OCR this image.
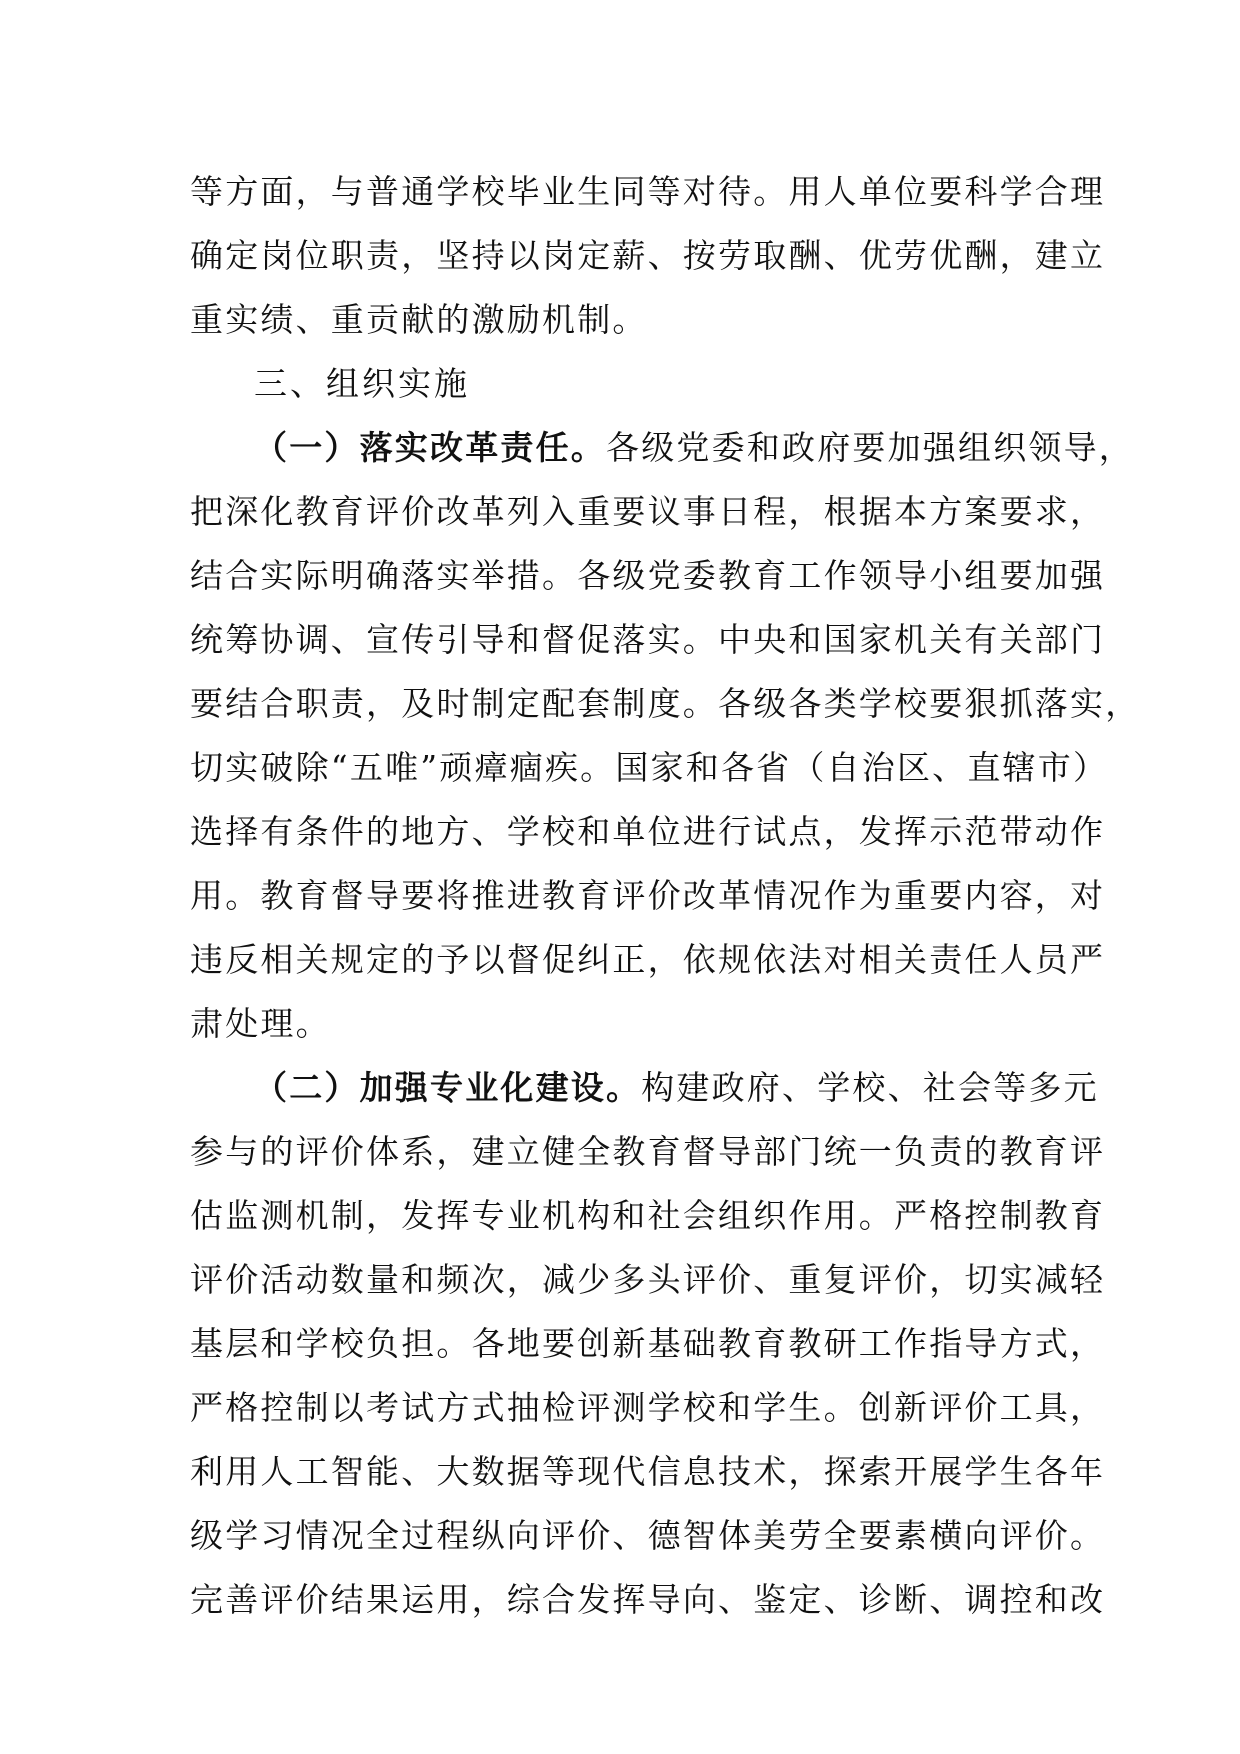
等方面，与普通学校毕业生同等对待。用人单位要科学合理
确定岗位职责，坚持以岗定薪、按劳取酬、优劳优酬，建立
重实绩、重贡献的激励机制。
三、组织实施
（一）落实改革责任。各级党委和政府要加强组织领导，
把深化教育评价改革列入重要议事日程，根据本方案要求，
结合实际明确落实举措。各级党委教育工作领导小组要加强
统筹协调、宣传引导和督促落实。中央和国家机关有关部门
要结合职责，及时制定配套制度。各级各类学校要狠抓落实，
切实破除“五唯”顽瘴痼疾。国家和各省（自治区、直辖市）
选择有条件的地方、学校和单位进行试点，发挥示范带动作
用。教育督导要将推进教育评价改革情况作为重要内容，对
违反相关规定的予以督促纠正，依规依法对相关责任人员严
肃处理。
（二）加强专业化建设。构建政府、学校、社会等多元
参与的评价体系，建立健全教育督导部门统一负责的教育评
估监测机制，发挥专业机构和社会组织作用。严格控制教育
评价活动数量和频次，减少多头评价、重复评价，切实减轻
基层和学校负担。各地要创新基础教育教研工作指导方式，
严格控制以考试方式抽检评测学校和学生。创新评价工具，
利用人工智能、大数据等现代信息技术，探索开展学生各年
级学习情况全过程纵向评价、德智体美劳全要素横向评价。
完善评价结果运用，综合发挥导向、鉴定、诊断、调控和改
